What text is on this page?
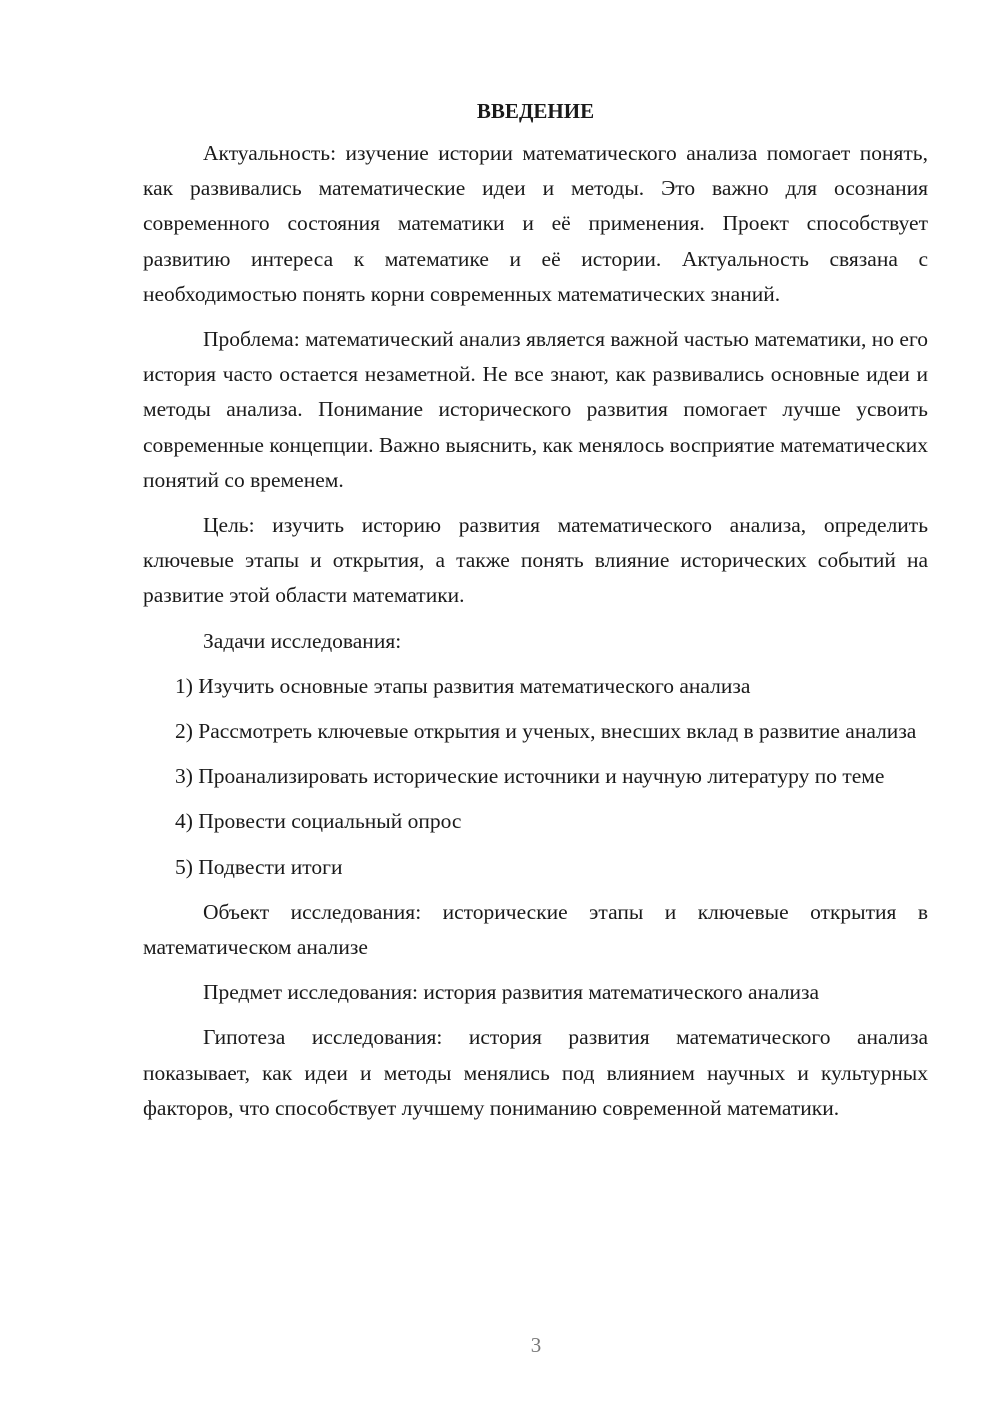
ВВЕДЕНИЕ

Актуальность: изучение истории математического анализа помогает понять, как развивались математические идеи и методы. Это важно для осознания современного состояния математики и её применения. Проект способствует развитию интереса к математике и её истории. Актуальность связана с необходимостью понять корни современных математических знаний.

Проблема: математический анализ является важной частью математики, но его история часто остается незаметной. Не все знают, как развивались основные идеи и методы анализа. Понимание исторического развития помогает лучше усвоить современные концепции. Важно выяснить, как менялось восприятие математических понятий со временем.

Цель: изучить историю развития математического анализа, определить ключевые этапы и открытия, а также понять влияние исторических событий на развитие этой области математики.

Задачи исследования:

1) Изучить основные этапы развития математического анализа

2) Рассмотреть ключевые открытия и ученых, внесших вклад в развитие анализа

3) Проанализировать исторические источники и научную литературу по теме

4) Провести социальный опрос

5) Подвести итоги

Объект исследования: исторические этапы и ключевые открытия в математическом анализе

Предмет исследования: история развития математического анализа

Гипотеза исследования: история развития математического анализа показывает, как идеи и методы менялись под влиянием научных и культурных факторов, что способствует лучшему пониманию современной математики.

3
